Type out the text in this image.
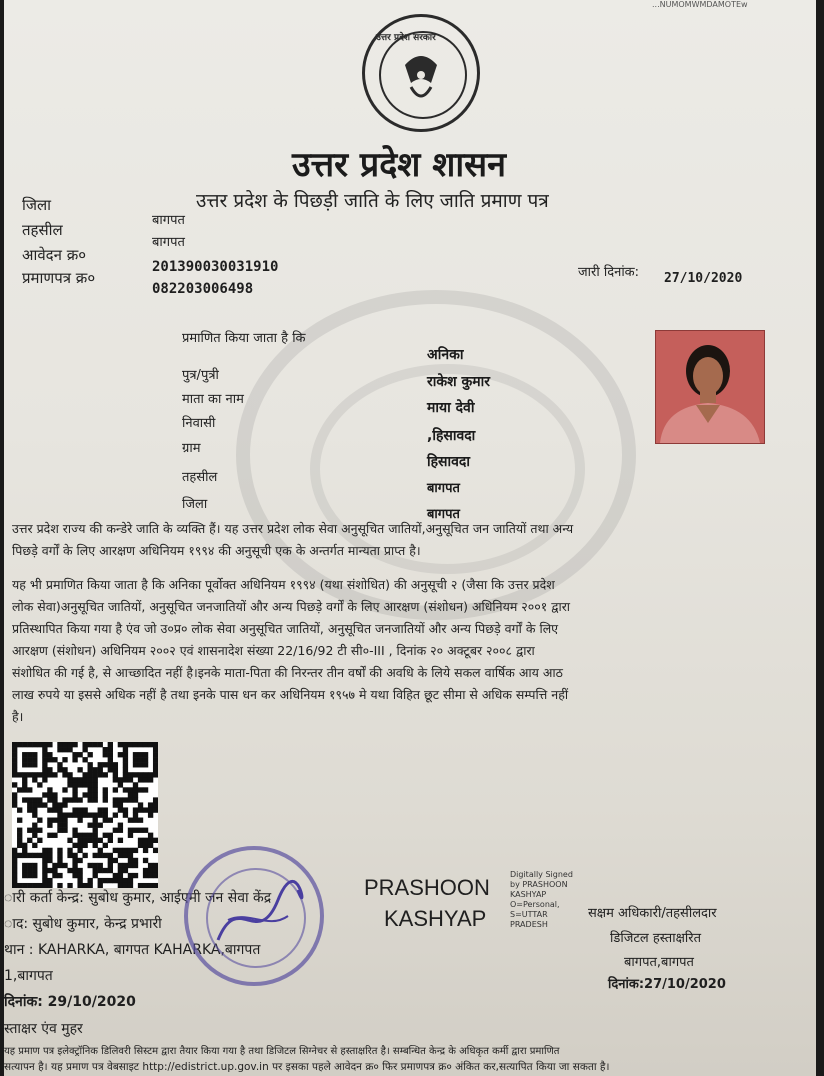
...NUMOMWMDAMOTEw
उत्तर प्रदेश सरकार
उत्तर प्रदेश शासन
उत्तर प्रदेश के पिछड़ी जाति के लिए जाति प्रमाण पत्र
जिला
बागपत
तहसील
बागपत
आवेदन क्र०
201390030031910
प्रमाणपत्र क्र०
082203006498
जारी दिनांक: 27/10/2020
प्रमाणित किया जाता है कि
अनिका
पुत्र/पुत्री	राकेश कुमार
माता का नाम
माया देवी
निवासी
,हिसावदा
ग्राम
हिसावदा
तहसील
बागपत
जिला
बागपत
उत्तर प्रदेश राज्य की कन्डेरे जाति के व्यक्ति हैं। यह उत्तर प्रदेश लोक सेवा अनुसूचित जातियों,अनुसूचित जन जातियों तथा अन्य
पिछड़े वर्गों के लिए आरक्षण अधिनियम १९९४ की अनुसूची एक के अन्तर्गत मान्यता प्राप्त है।
यह भी प्रमाणित किया जाता है कि अनिका पूर्वोक्त अधिनियम १९९४ (यथा संशोधित) की अनुसूची २ (जैसा कि उत्तर प्रदेश
लोक सेवा)अनुसूचित जातियों, अनुसूचित जनजातियों और अन्य पिछड़े वर्गों के लिए आरक्षण (संशोधन) अधिनियम २००१ द्वारा
प्रतिस्थापित किया गया है एंव जो उ०प्र० लोक सेवा अनुसूचित जातियों, अनुसूचित जनजातियों और अन्य पिछड़े वर्गों के लिए
आरक्षण (संशोधन) अधिनियम २००२ एवं शासनादेश संख्या 22/16/92 टी सी०-III , दिनांक २० अक्टूबर २००८ द्वारा
संशोधित की गई है, से आच्छादित नहीं है।इनके माता-पिता की निरन्तर तीन वर्षों की अवधि के लिये सकल वार्षिक आय आठ
लाख रुपये या इससे अधिक नहीं है तथा इनके पास धन कर अधिनियम १९५७ मे यथा विहित छूट सीमा से अधिक सम्पत्ति नहीं
है।
ारी कर्ता केन्द्र: सुबोध कुमार, आईएमी जन सेवा केंद्र
ाद: सुबोध कुमार, केन्द्र प्रभारी
थान : KAHARKA, बागपत KAHARKA,बागपत
1,बागपत
दिनांक: 29/10/2020
स्ताक्षर एंव मुहर
PRASHOON
KASHYAP
Digitally Signed
by PRASHOON
KASHYAP
O=Personal,
S=UTTAR
PRADESH
सक्षम अधिकारी/तहसीलदार
डिजिटल हस्ताक्षरित
बागपत,बागपत
दिनांक:27/10/2020
यह प्रमाण पत्र इलेक्ट्रॉनिक डिलिवरी सिस्टम द्वारा तैयार किया गया है तथा डिजिटल सिग्नेचर से हस्ताक्षरित है। सम्बन्धित केन्द्र के अधिकृत कर्मी द्वारा प्रमाणित
सत्यापन है। यह प्रमाण पत्र वेबसाइट http://edistrict.up.gov.in पर इसका पहले आवेदन क्र० फिर प्रमाणपत्र क्र० अंकित कर,सत्यापित किया जा सकता है।
